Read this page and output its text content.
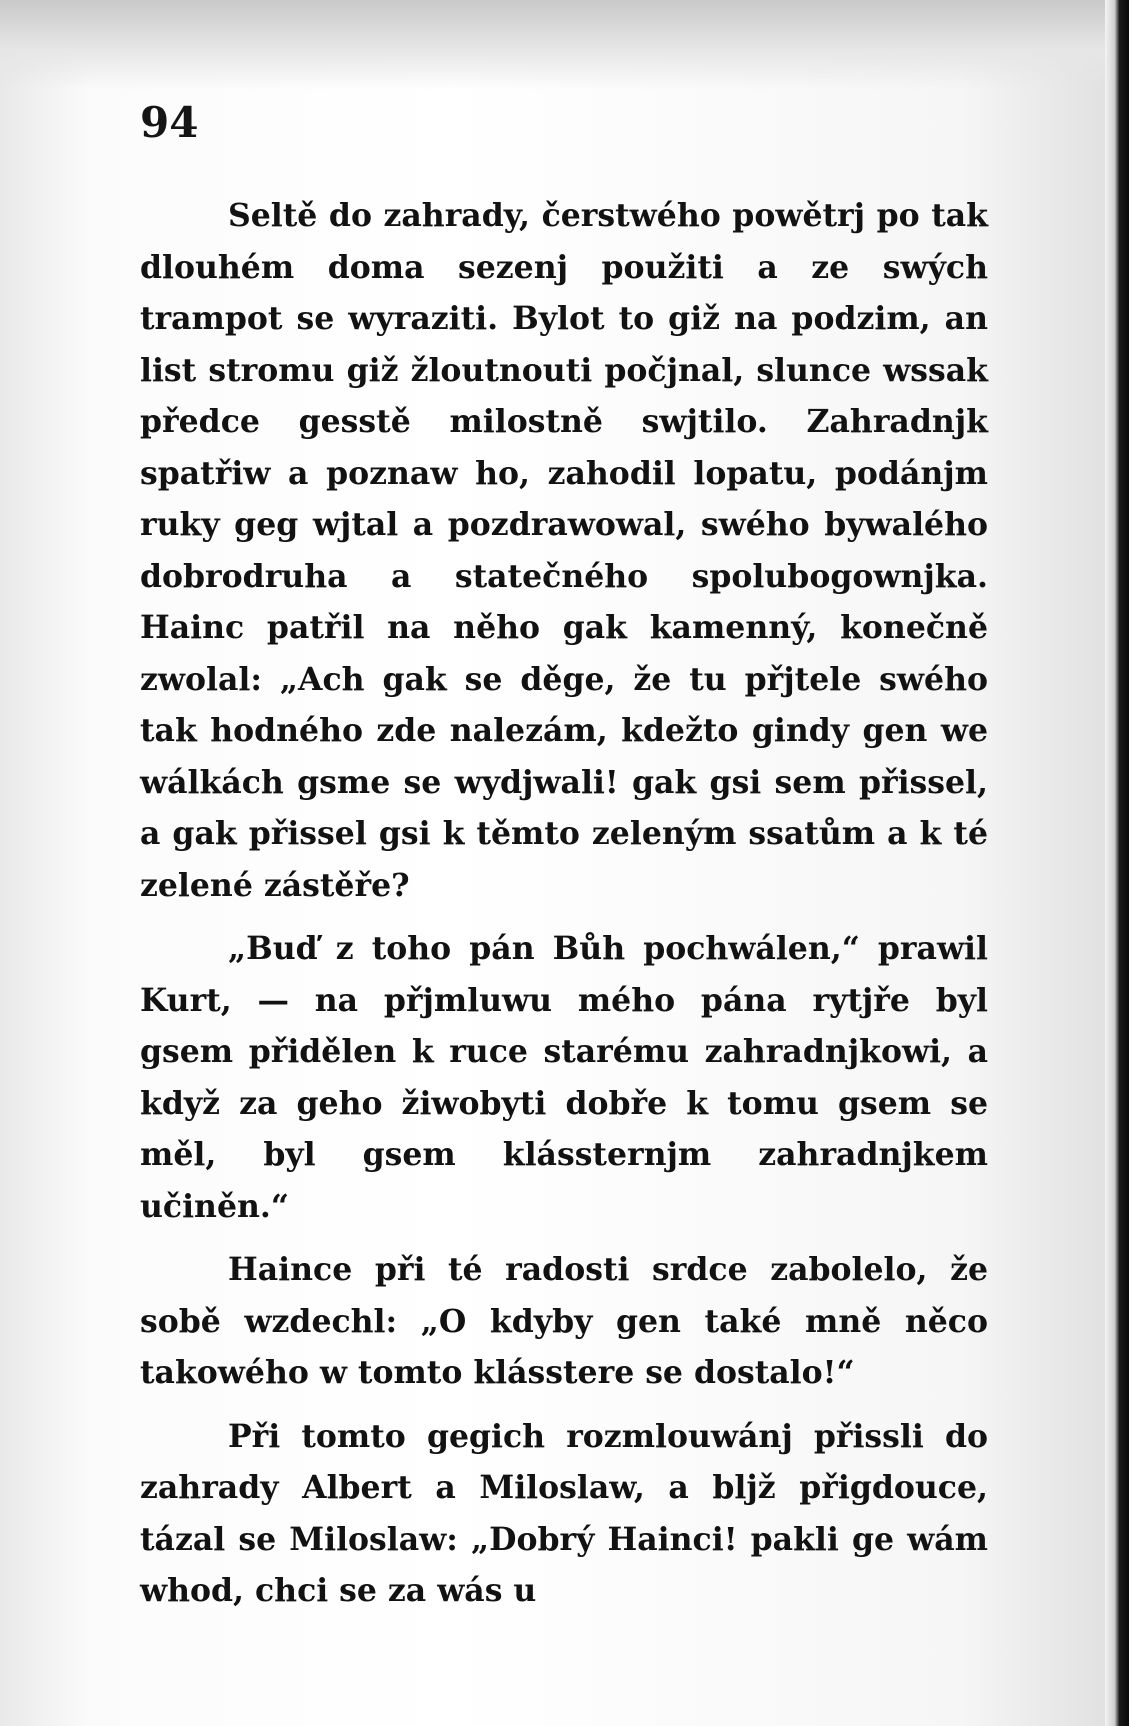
94

Seltě do zahrady, čerstwého powětrj po tak dlouhém doma sezenj použiti a ze swých trampot se wyraziti. Bylot to giž na podzim, an list stromu giž žloutnouti počjnal, slunce wssak předce gesstě milostně swjtilo. Zahradnjk spatřiw a poznaw ho, zahodil lopatu, podánjm ruky geg wjtal a pozdrawowal, swého bywalého dobrodruha a statečného spolubogownjka. Hainc patřil na něho gak kamenný, konečně zwolal: „Ach gak se děge, že tu přjtele swého tak hodného zde nalezám, kdežto gindy gen we wálkách gsme se wydjwali! gak gsi sem přissel, a gak přissel gsi k těmto zeleným ssatům a k té zelené zástěře?

„Buď z toho pán Bůh pochwálen,“ prawil Kurt, — na přjmluwu mého pána rytjře byl gsem přidělen k ruce starému zahradnjkowi, a když za geho žiwobyti dobře k tomu gsem se měl, byl gsem klássternjm zahradnjkem učiněn.“

Haince při té radosti srdce zabolelo, že sobě wzdechl: „O kdyby gen také mně něco takowého w tomto klásstere se dostalo!“

Při tomto gegich rozmlouwánj přissli do zahrady Albert a Miloslaw, a blјž přigdouce, tázal se Miloslaw: „Dobrý Hainci! pakli ge wám whod, chci se za wás u
